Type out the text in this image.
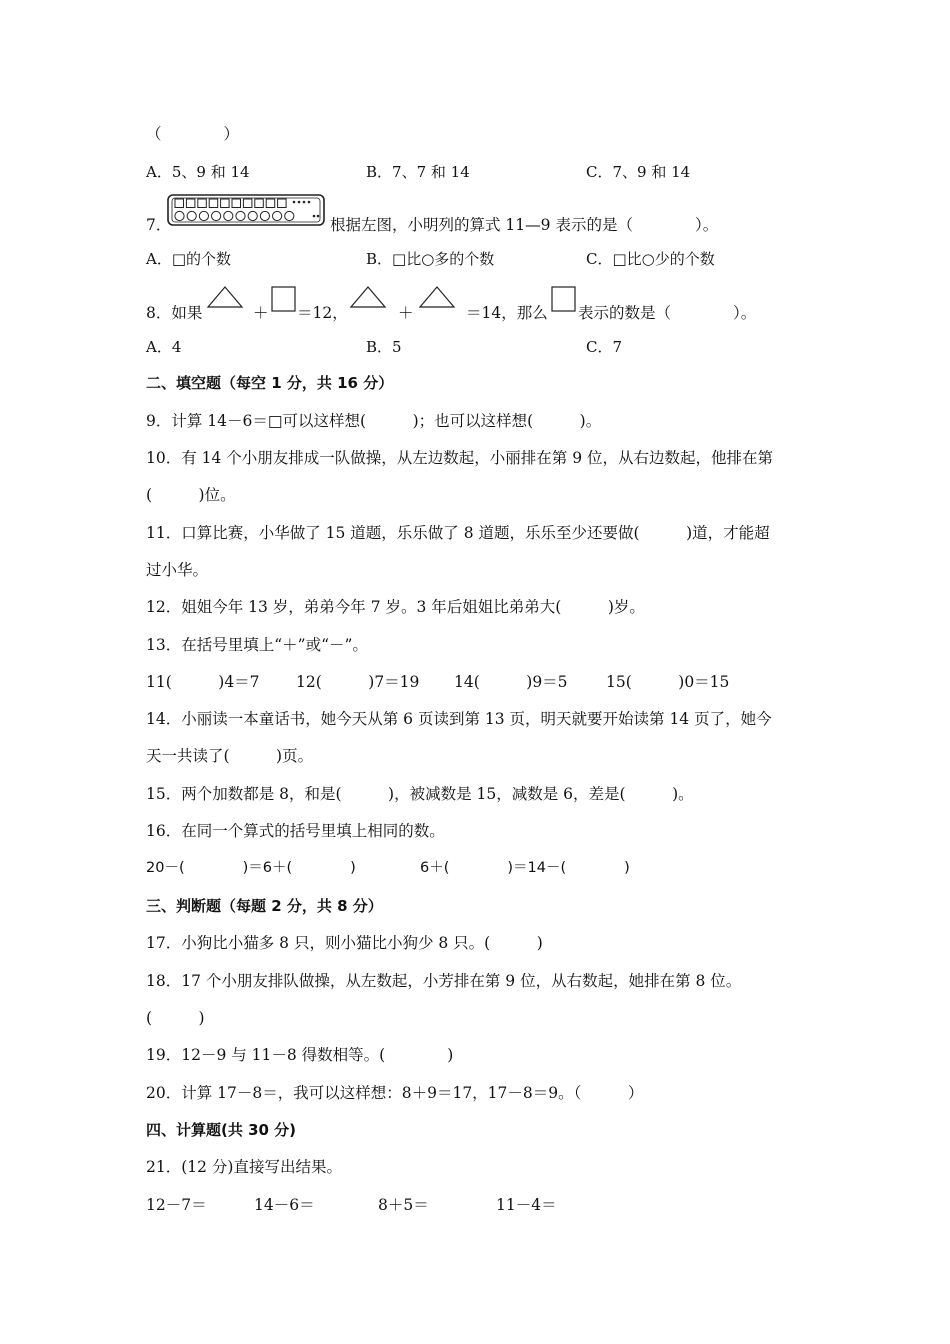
（　　　　）
A．5、9 和 14	B．7、7 和 14	C．7、9 和 14
7．	根据左图，小明列的算式 11—9 表示的是（　　　　）。
A．□的个数	B．□比○多的个数	C．□比○少的个数
8．如果	＋ ＝12，	＋	＝14，那么 表示的数是（　　　　）。
A．4	B．5	C．7
二、填空题（每空 1 分，共 16 分）
9．计算 14－6＝□可以这样想(　　　)；也可以这样想(　　　)。
10．有 14 个小朋友排成一队做操，从左边数起，小丽排在第 9 位，从右边数起，他排在第
(　　　)位。
11．口算比赛，小华做了 15 道题，乐乐做了 8 道题，乐乐至少还要做(　　　)道，才能超
过小华。
12．姐姐今年 13 岁，弟弟今年 7 岁。3 年后姐姐比弟弟大(　　　)岁。
13．在括号里填上“＋”或“－”。
11(　　　)4＝7 12(　　　)7＝19 14(　　　)9＝5 15(　　　)0＝15
14．小丽读一本童话书，她今天从第 6 页读到第 13 页，明天就要开始读第 14 页了，她今
天一共读了(　　　)页。
15．两个加数都是 8，和是(　　　)，被减数是 15，减数是 6，差是(　　　)。
16．在同一个算式的括号里填上相同的数。
20－(　　　　)＝6＋(　　　　)	6＋(　　　　)＝14－(　　　　)
三、判断题（每题 2 分，共 8 分）
17．小狗比小猫多 8 只，则小猫比小狗少 8 只。(　　　)
18．17 个小朋友排队做操，从左数起，小芳排在第 9 位，从右数起，她排在第 8 位。
(　　　)
19．12－9 与 11－8 得数相等。(　　　　)
20．计算 17－8＝，我可以这样想：8＋9＝17，17－8＝9。（　　　）
四、计算题(共 30 分)
21．(12 分)直接写出结果。
12－7＝	14－6＝	8＋5＝	11－4＝
